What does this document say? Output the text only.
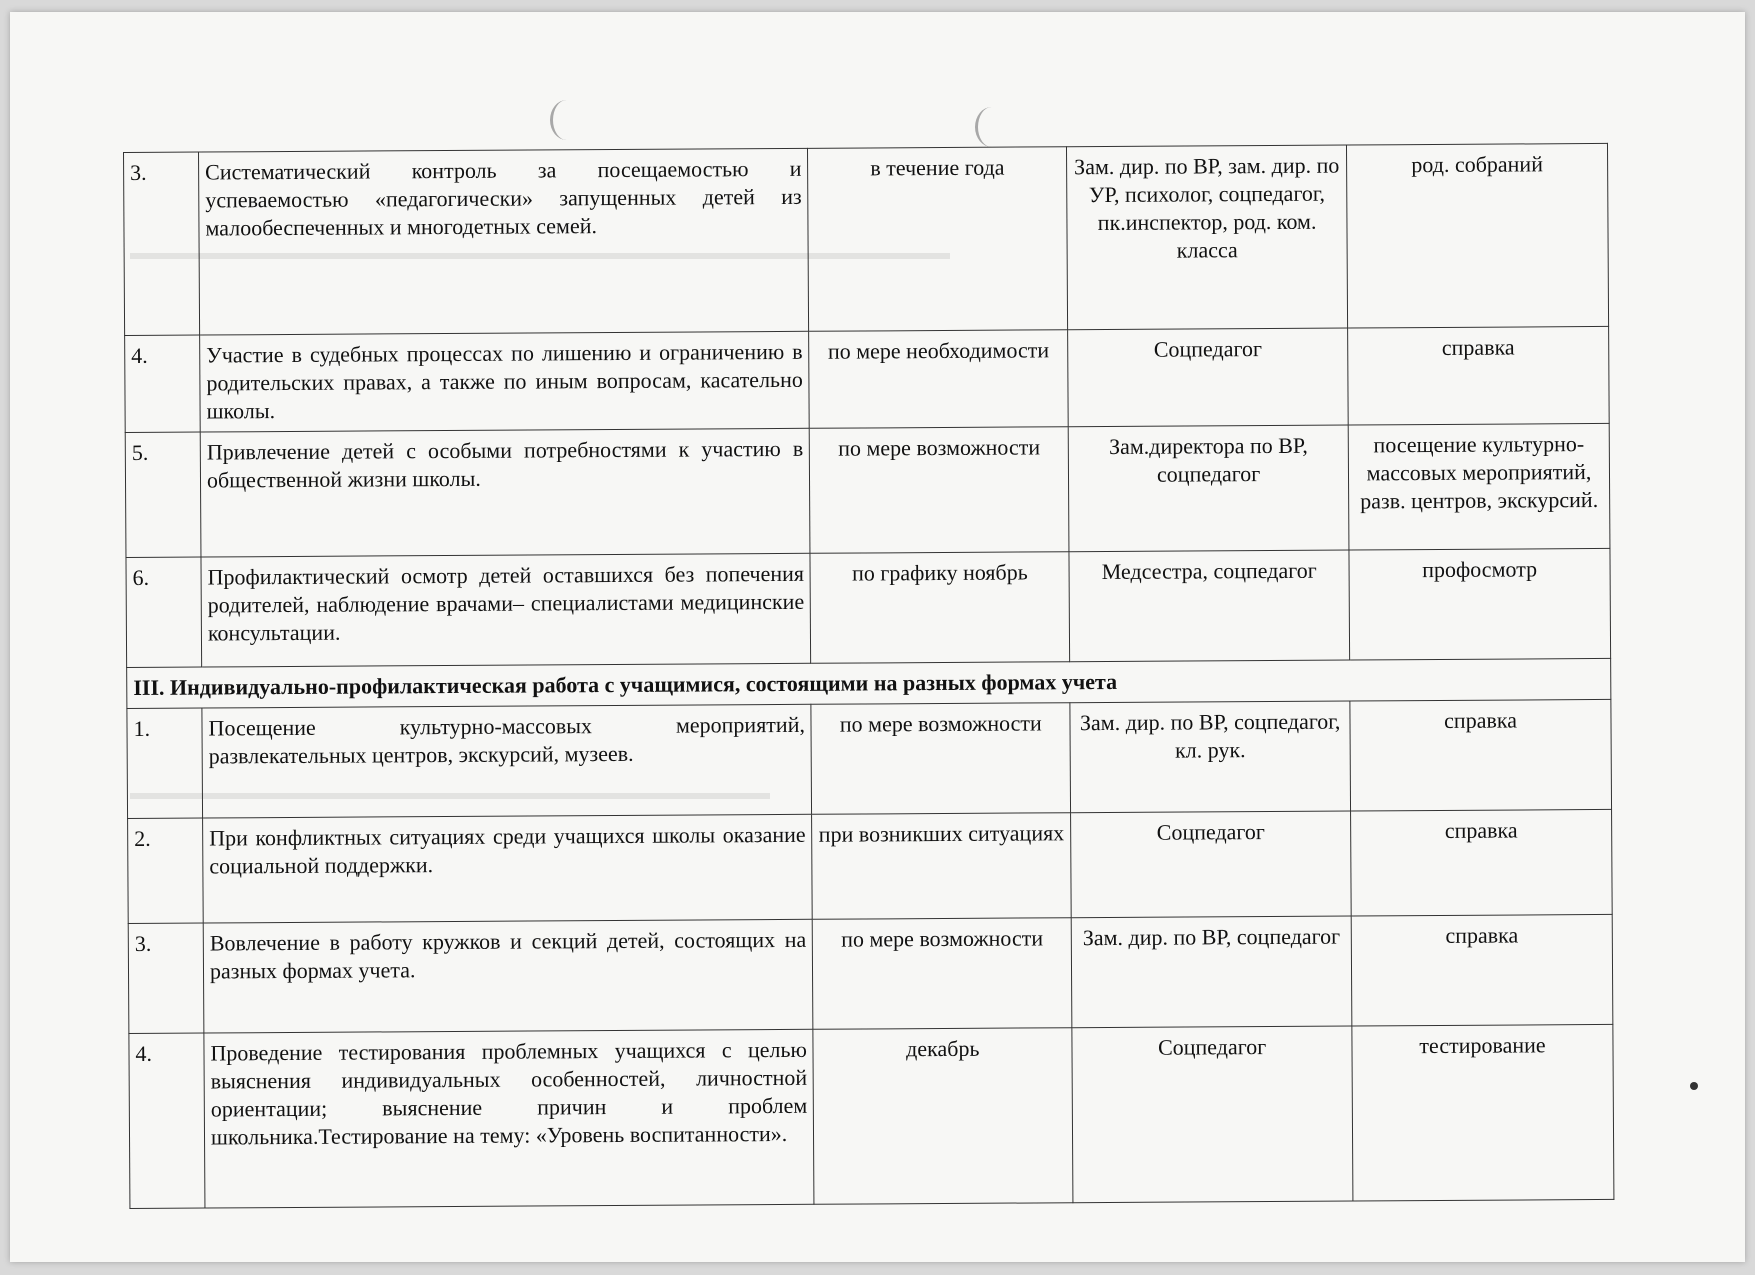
▬▬▬▬▬▬▬▬▬▬▬▬▬▬▬▬▬▬▬▬▬▬▬▬▬▬▬▬▬▬▬▬▬▬▬▬▬▬▬▬▬
▬▬▬▬▬▬▬▬▬▬▬▬▬▬▬▬▬▬▬▬▬▬▬▬▬▬▬▬▬▬▬▬
3.	Систематический контроль за посещаемостью и успеваемостью «педагогически» запущенных детей из малообеспеченных и многодетных семей.	в течение года	Зам. дир. по ВР, зам. дир. по УР, психолог, соцпедагог, пк.инспектор, род. ком. класса	род. собраний
4.	Участие в судебных процессах по лишению и ограничению в родительских правах, а также по иным вопросам, касательно школы.	по мере необходимости	Соцпедагог	справка
5.	Привлечение детей с особыми потребностями к участию в общественной жизни школы.	по мере возможности	Зам.директора по ВР, соцпедагог	посещение культурно-массовых мероприятий, разв. центров, экскурсий.
6.	Профилактический осмотр детей оставшихся без попечения родителей, наблюдение врачами– специалистами медицинские консультации.	по графику ноябрь	Медсестра, соцпедагог	профосмотр
III. Индивидуально-профилактическая работа с учащимися, состоящими на разных формах учета				
1.	Посещение культурно-массовых мероприятий, развлекательных центров, экскурсий, музеев.	по мере возможности	Зам. дир. по ВР, соцпедагог, кл. рук.	справка
2.	При конфликтных ситуациях среди учащихся школы оказание социальной поддержки.	при возникших ситуациях	Соцпедагог	справка
3.	Вовлечение в работу кружков и секций детей, состоящих на разных формах учета.	по мере возможности	Зам. дир. по ВР, соцпедагог	справка
4.	Проведение тестирования проблемных учащихся с целью выяснения индивидуальных особенностей, личностной ориентации; выяснение причин и проблем школьника.Тестирование на тему: «Уровень воспитанности».	декабрь	Соцпедагог	тестирование
